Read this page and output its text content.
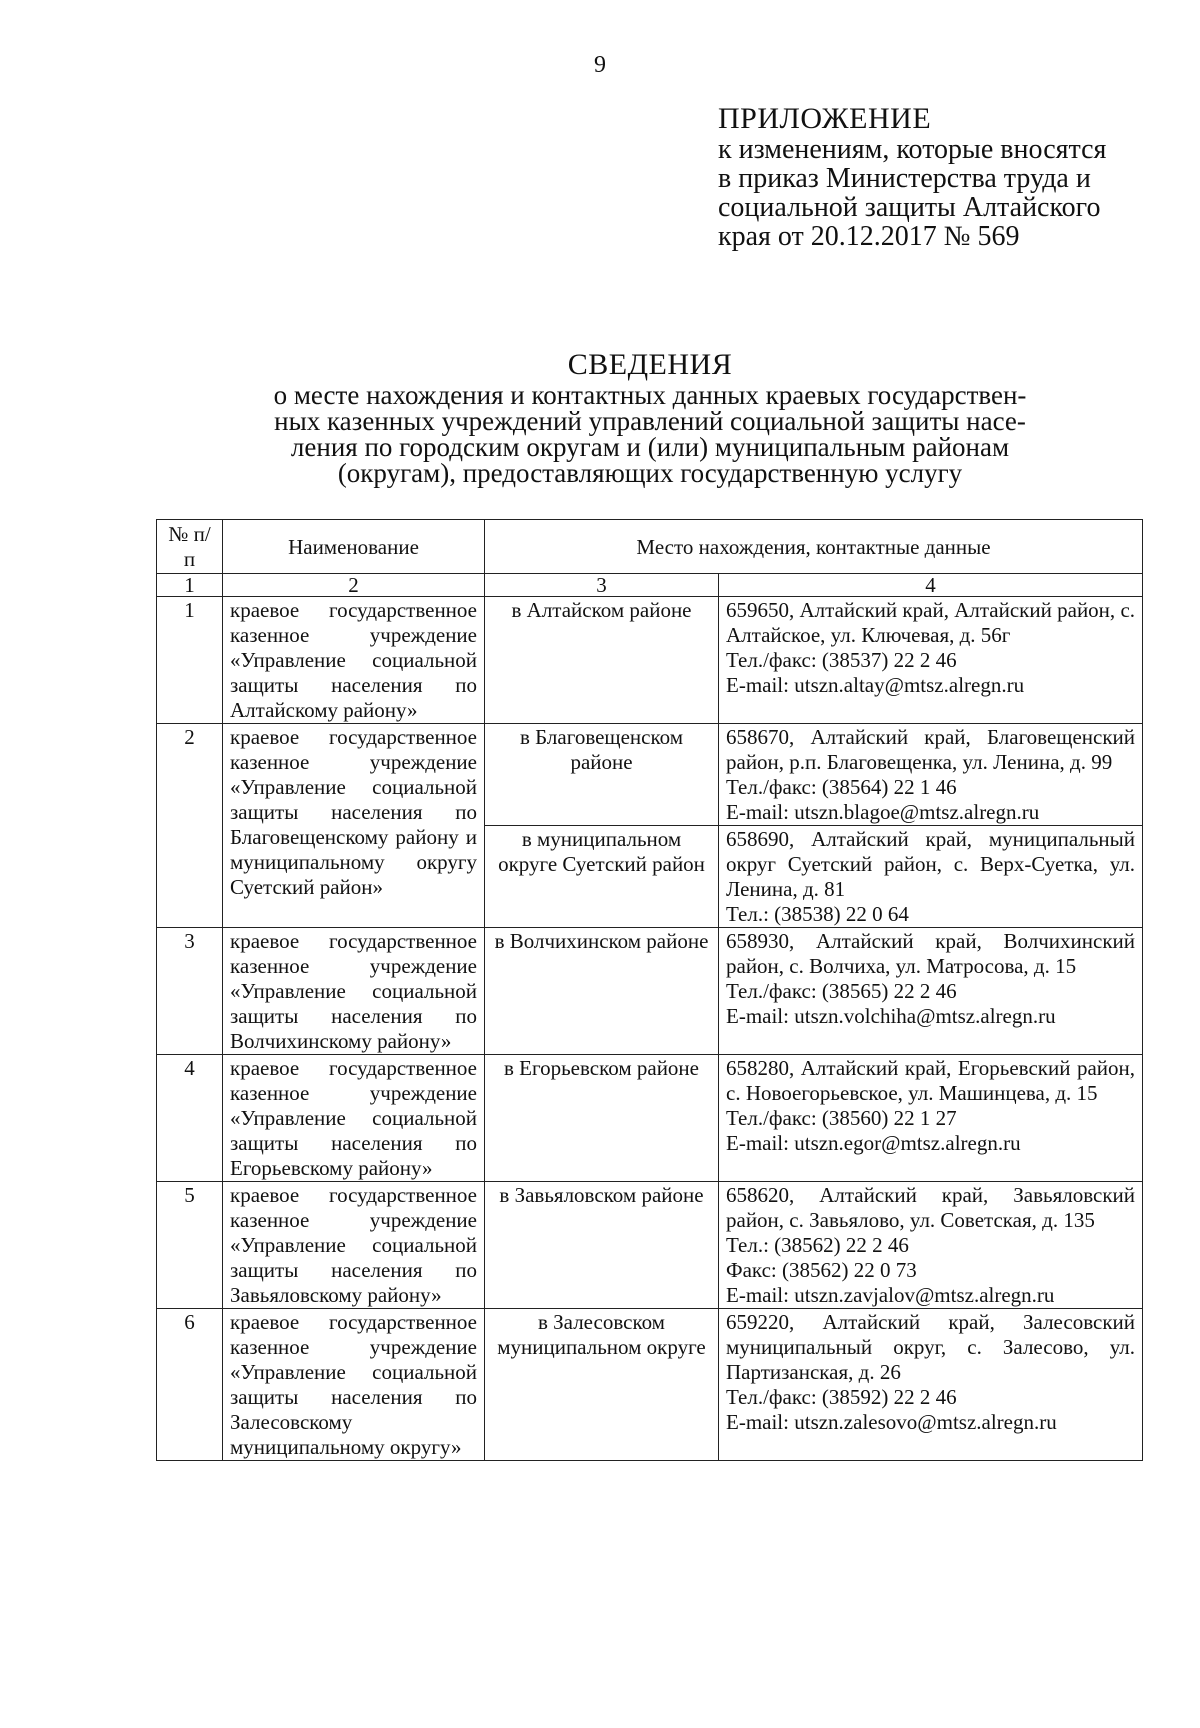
9
ПРИЛОЖЕНИЕ
к изменениям, которые вносятся
в приказ Министерства труда и
социальной защиты Алтайского
края от 20.12.2017 № 569
СВЕДЕНИЯ
о месте нахождения и контактных данных краевых государствен-
ных казенных учреждений управлений социальной защиты насе-
ления по городским округам и (или) муниципальным районам
(округам), предоставляющих государственную услугу
№ п/п	Наименование	Место нахождения, контактные данные	
1	2	3	4
1	краевое государственное казенное учреждение «Управление социальной защиты населения по Алтайскому району»	в Алтайском районе	659650, Алтайский край, Алтайский район, с. Алтайское, ул. Ключевая, д. 56г
Тел./факс: (38537) 22 2 46
E-mail: utszn.altay@mtsz.alregn.ru

2	краевое государственное казенное учреждение «Управление социальной защиты населения по Благовещенскому району и муниципальному округу Суетский район»	в Благовещенском районе	658670, Алтайский край, Благовещенский район, р.п. Благовещенка, ул. Ленина, д. 99
Тел./факс: (38564) 22 1 46
E-mail: utszn.blagoe@mtsz.alregn.ru

		в муниципальном округе Суетский район	658690, Алтайский край, муниципальный округ Суетский район, с. Верх-Суетка, ул. Ленина, д. 81
Тел.: (38538) 22 0 64

3	краевое государственное казенное учреждение «Управление социальной защиты населения по Волчихинскому району»	в Волчихинском районе	658930, Алтайский край, Волчихинский район, с. Волчиха, ул. Матросова, д. 15
Тел./факс: (38565) 22 2 46
E-mail: utszn.volchiha@mtsz.alregn.ru

4	краевое государственное казенное учреждение «Управление социальной защиты населения по Егорьевскому району»	в Егорьевском районе	658280, Алтайский край, Егорьевский район, с. Новоегорьевское, ул. Машинцева, д. 15
Тел./факс: (38560) 22 1 27
E-mail: utszn.egor@mtsz.alregn.ru

5	краевое государственное казенное учреждение «Управление социальной защиты населения по Завьяловскому району»	в Завьяловском районе	658620, Алтайский край, Завьяловский район, с. Завьялово, ул. Советская, д. 135
Тел.: (38562) 22 2 46
Факс: (38562) 22 0 73
E-mail: utszn.zavjalov@mtsz.alregn.ru

6	краевое государственное казенное учреждение «Управление социальной защиты населения по Залесовскому муниципальному округу»	в Залесовском муниципальном округе	659220, Алтайский край, Залесовский муниципальный округ, с. Залесово, ул. Партизанская, д. 26
Тел./факс: (38592) 22 2 46
E-mail: utszn.zalesovo@mtsz.alregn.ru
